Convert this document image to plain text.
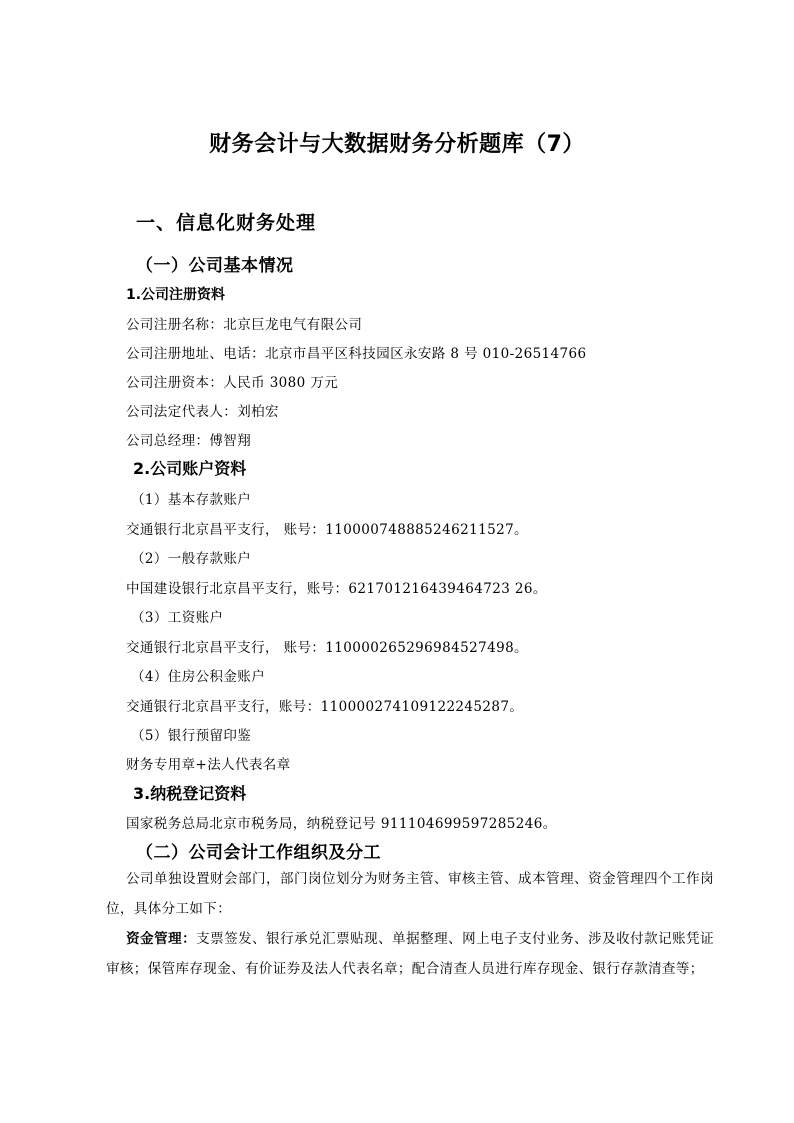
财务会计与大数据财务分析题库（7）
一、信息化财务处理
（一）公司基本情况
1.公司注册资料
公司注册名称：北京巨龙电气有限公司
公司注册地址、电话：北京市昌平区科技园区永安路 8 号 010-26514766
公司注册资本：人民币 3080 万元
公司法定代表人：刘柏宏
公司总经理：傅智翔
2.公司账户资料
（1）基本存款账户
交通银行北京昌平支行， 账号：110000748885246211527。
（2）一般存款账户
中国建设银行北京昌平支行，账号：621701216439464723 26。
（3）工资账户
交通银行北京昌平支行， 账号：110000265296984527498。
（4）住房公积金账户
交通银行北京昌平支行，账号：110000274109122245287。
（5）银行预留印鉴
财务专用章+法人代表名章
3.纳税登记资料
国家税务总局北京市税务局，纳税登记号 911104699597285246。
（二）公司会计工作组织及分工
公司单独设置财会部门，部门岗位划分为财务主管、审核主管、成本管理、资金管理四个工作岗位，具体分工如下：
资金管理：支票签发、银行承兑汇票贴现、单据整理、网上电子支付业务、涉及收付款记账凭证审核；保管库存现金、有价证券及法人代表名章；配合清查人员进行库存现金、银行存款清查等；
